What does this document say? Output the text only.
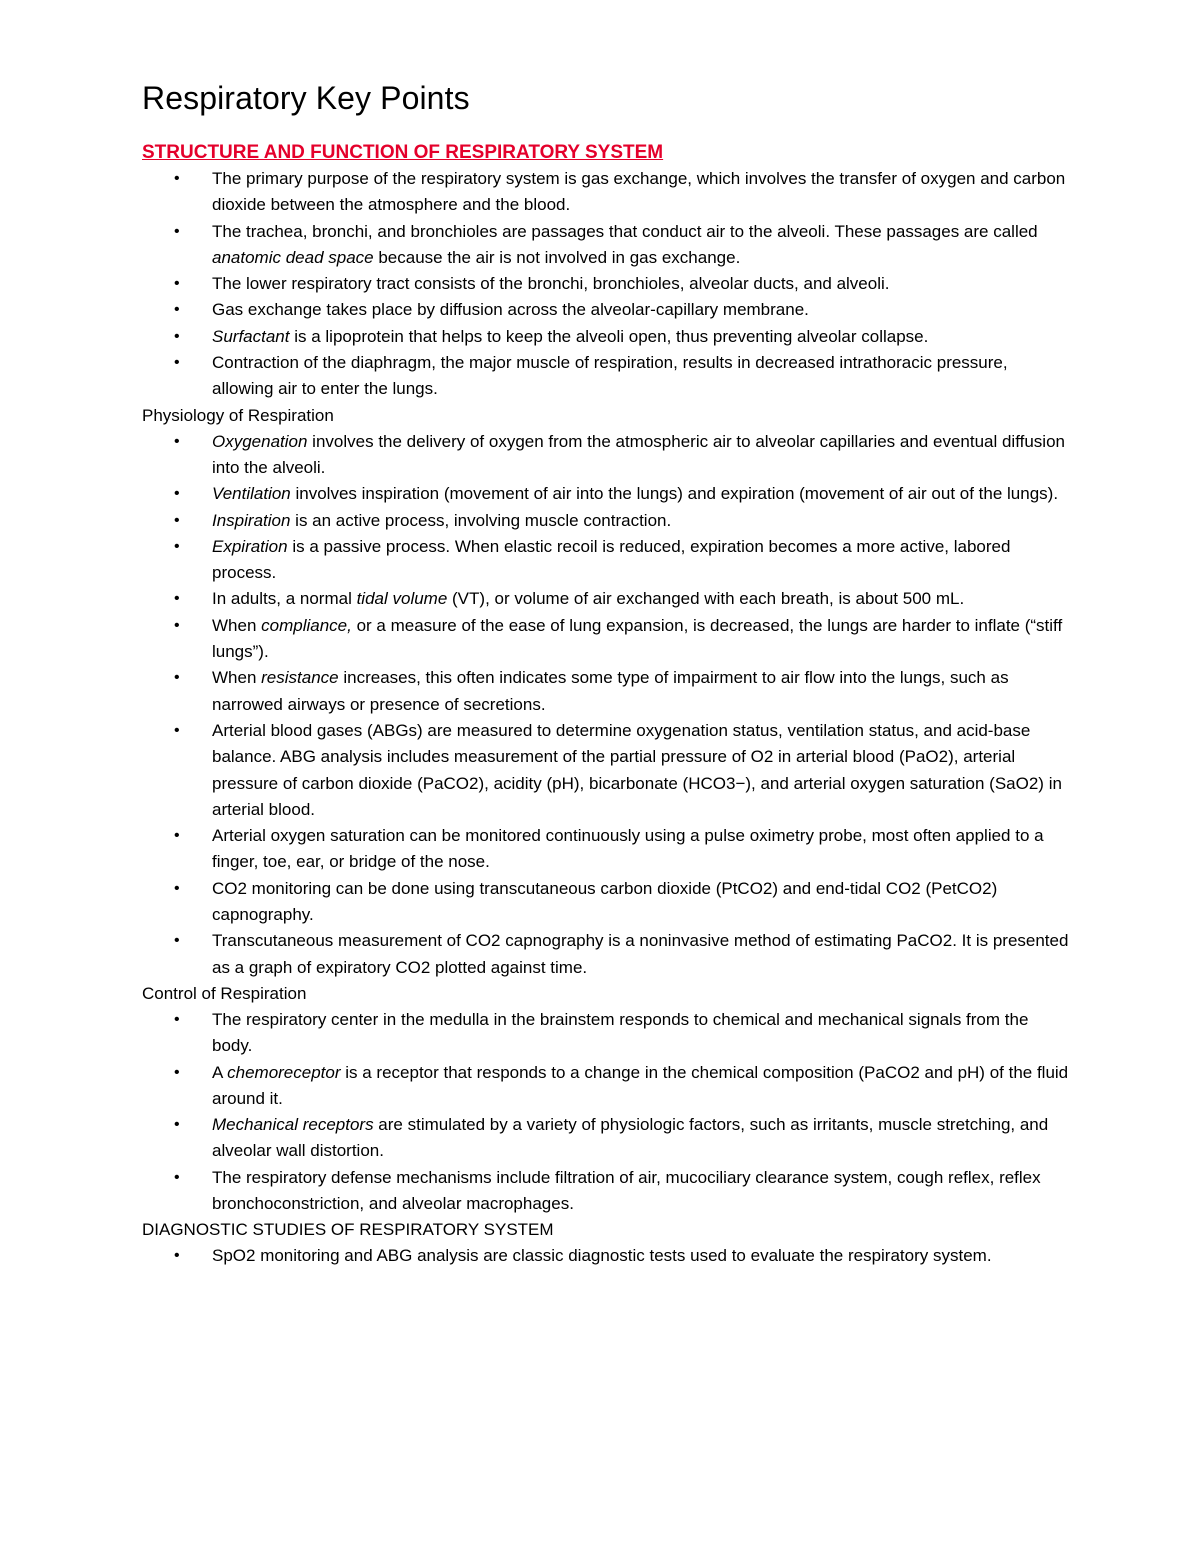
Respiratory Key Points
STRUCTURE AND FUNCTION OF RESPIRATORY SYSTEM
• The primary purpose of the respiratory system is gas exchange, which involves the transfer of oxygen and carbon dioxide between the atmosphere and the blood.
• The trachea, bronchi, and bronchioles are passages that conduct air to the alveoli. These passages are called anatomic dead space because the air is not involved in gas exchange.
• The lower respiratory tract consists of the bronchi, bronchioles, alveolar ducts, and alveoli.
• Gas exchange takes place by diffusion across the alveolar-capillary membrane.
• Surfactant is a lipoprotein that helps to keep the alveoli open, thus preventing alveolar collapse.
• Contraction of the diaphragm, the major muscle of respiration, results in decreased intrathoracic pressure, allowing air to enter the lungs.
Physiology of Respiration
• Oxygenation involves the delivery of oxygen from the atmospheric air to alveolar capillaries and eventual diffusion into the alveoli.
• Ventilation involves inspiration (movement of air into the lungs) and expiration (movement of air out of the lungs).
• Inspiration is an active process, involving muscle contraction.
• Expiration is a passive process. When elastic recoil is reduced, expiration becomes a more active, labored process.
• In adults, a normal tidal volume (VT), or volume of air exchanged with each breath, is about 500 mL.
• When compliance, or a measure of the ease of lung expansion, is decreased, the lungs are harder to inflate (“stiff lungs”).
• When resistance increases, this often indicates some type of impairment to air flow into the lungs, such as narrowed airways or presence of secretions.
• Arterial blood gases (ABGs) are measured to determine oxygenation status, ventilation status, and acid-base balance. ABG analysis includes measurement of the partial pressure of O2 in arterial blood (PaO2), arterial pressure of carbon dioxide (PaCO2), acidity (pH), bicarbonate (HCO3−), and arterial oxygen saturation (SaO2) in arterial blood.
• Arterial oxygen saturation can be monitored continuously using a pulse oximetry probe, most often applied to a finger, toe, ear, or bridge of the nose.
• CO2 monitoring can be done using transcutaneous carbon dioxide (PtCO2) and end-tidal CO2 (PetCO2) capnography.
• Transcutaneous measurement of CO2 capnography is a noninvasive method of estimating PaCO2. It is presented as a graph of expiratory CO2 plotted against time.
Control of Respiration
• The respiratory center in the medulla in the brainstem responds to chemical and mechanical signals from the body.
• A chemoreceptor is a receptor that responds to a change in the chemical composition (PaCO2 and pH) of the fluid around it.
• Mechanical receptors are stimulated by a variety of physiologic factors, such as irritants, muscle stretching, and alveolar wall distortion.
• The respiratory defense mechanisms include filtration of air, mucociliary clearance system, cough reflex, reflex bronchoconstriction, and alveolar macrophages.
DIAGNOSTIC STUDIES OF RESPIRATORY SYSTEM
• SpO2 monitoring and ABG analysis are classic diagnostic tests used to evaluate the respiratory system.
